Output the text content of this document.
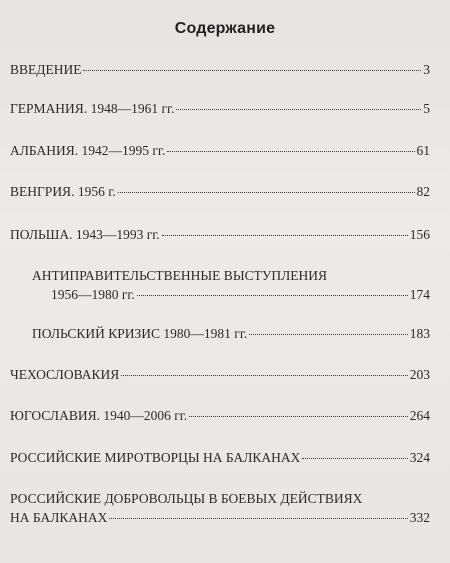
Содержание
ВВЕДЕНИЕ	3
ГЕРМАНИЯ. 1948—1961 гг.	5
АЛБАНИЯ. 1942—1995 гг.	61
ВЕНГРИЯ. 1956 г.	82
ПОЛЬША. 1943—1993 гг.	156
АНТИПРАВИТЕЛЬСТВЕННЫЕ ВЫСТУПЛЕНИЯ
1956—1980 гг.	174
ПОЛЬСКИЙ КРИЗИС 1980—1981 гг.	183
ЧЕХОСЛОВАКИЯ	203
ЮГОСЛАВИЯ. 1940—2006 гг.	264
РОССИЙСКИЕ МИРОТВОРЦЫ НА БАЛКАНАХ	324
РОССИЙСКИЕ ДОБРОВОЛЬЦЫ В БОЕВЫХ ДЕЙСТВИЯХ
НА БАЛКАНАХ	332
